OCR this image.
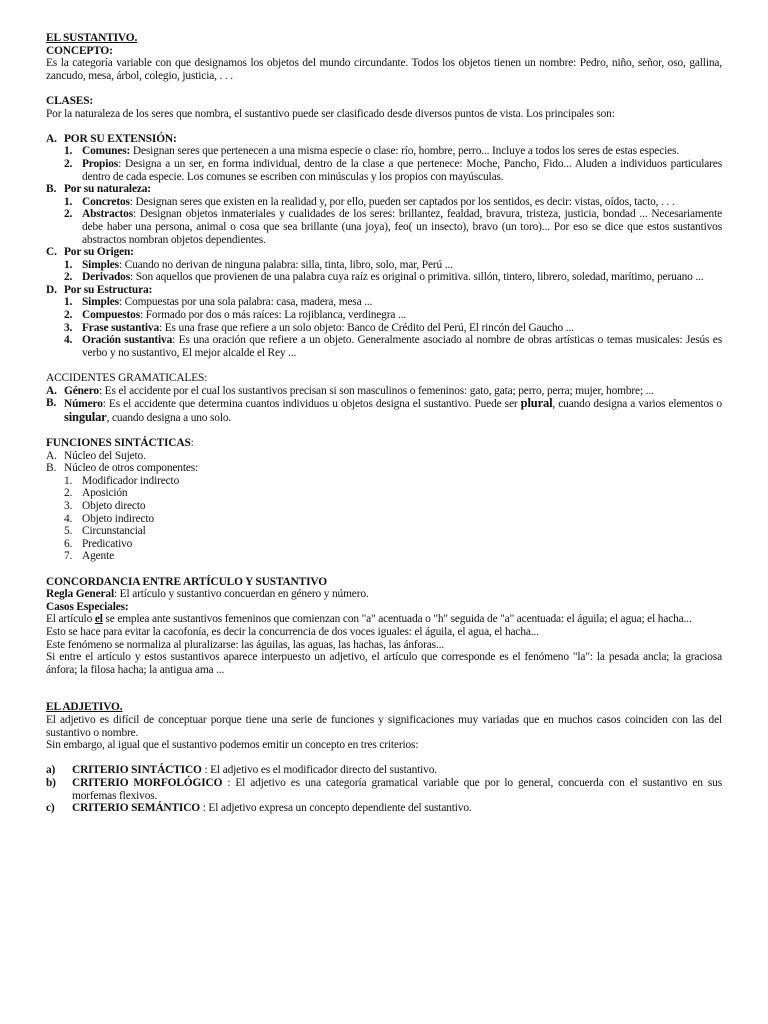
EL SUSTANTIVO.

CONCEPTO:

Es la categoría variable con que designamos los objetos del mundo circundante. Todos los objetos tienen un nombre: Pedro, niño, señor, oso, gallina, zancudo, mesa, árbol, colegio, justicia, . . .

CLASES:

Por la naturaleza de los seres que nombra, el sustantivo puede ser clasificado desde diversos puntos de vista. Los principales son:

A. POR SU EXTENSIÓN:
1. Comunes: Designan seres que pertenecen a una misma especie o clase: río, hombre, perro... Incluye a todos los seres de estas especies.
2. Propios: Designa a un ser, en forma individual, dentro de la clase a que pertenece: Moche, Pancho, Fido... Aluden a individuos particulares dentro de cada especie. Los comunes se escriben con minúsculas y los propios con mayúsculas.
B. Por su naturaleza:
1. Concretos: Designan seres que existen en la realidad y, por ello, pueden ser captados por los sentidos, es decir: vistas, oídos, tacto, . . .
2. Abstractos: Designan objetos inmateriales y cualidades de los seres: brillantez, fealdad, bravura, tristeza, justicia, bondad ... Necesariamente debe haber una persona, animal o cosa que sea brillante (una joya), feo( un insecto), bravo (un toro)... Por eso se dice que estos sustantivos abstractos nombran objetos dependientes.
C. Por su Origen:
1. Simples: Cuando no derivan de ninguna palabra: silla, tinta, libro, solo, mar, Perú ...
2. Derivados: Son aquellos que provienen de una palabra cuya raíz es original o primitiva. sillón, tintero, librero, soledad, marítimo, peruano ...
D. Por su Estructura:
1. Simples: Compuestas por una sola palabra: casa, madera, mesa ...
2. Compuestos: Formado por dos o más raíces: La rojiblanca, verdinegra ...
3. Frase sustantiva: Es una frase que refiere a un solo objeto: Banco de Crédito del Perú, El rincón del Gaucho ...
4. Oración sustantiva: Es una oración que refiere a un objeto. Generalmente asociado al nombre de obras artísticas o temas musicales: Jesús es verbo y no sustantivo, El mejor alcalde el Rey ...

ACCIDENTES GRAMATICALES:

A. Género: Es el accidente por el cual los sustantivos precisan si son masculinos o femeninos: gato, gata; perro, perra; mujer, hombre; ...
B. Número: Es el accidente que determina cuantos individuos u objetos designa el sustantivo. Puede ser plural, cuando designa a varios elementos o singular, cuando designa a uno solo.

FUNCIONES SINTÁCTICAS:

A. Núcleo del Sujeto.
B. Núcleo de otros componentes:
1. Modificador indirecto
2. Aposición
3. Objeto directo
4. Objeto indirecto
5. Circunstancial
6. Predicativo
7. Agente

CONCORDANCIA ENTRE ARTÍCULO Y SUSTANTIVO

Regla General: El artículo y sustantivo concuerdan en género y número.

Casos Especiales:

El artículo el se emplea ante sustantivos femeninos que comienzan con "a" acentuada o "h" seguida de "a" acentuada: el águila; el agua; el hacha...

Esto se hace para evitar la cacofonía, es decir la concurrencia de dos voces iguales: el águila, el agua, el hacha...

Este fenómeno se normaliza al pluralizarse: las águilas, las aguas, las hachas, las ánforas...

Si entre el artículo y estos sustantivos aparece interpuesto un adjetivo, el artículo que corresponde es el fenómeno "la": la pesada ancla; la graciosa ánfora; la filosa hacha; la antigua ama ...

EL ADJETIVO.

El adjetivo es difícil de conceptuar porque tiene una serie de funciones y significaciones muy variadas que en muchos casos coinciden con las del sustantivo o nombre.

Sin embargo, al igual que el sustantivo podemos emitir un concepto en tres criterios:

a) CRITERIO SINTÁCTICO : El adjetivo es el modificador directo del sustantivo.
b) CRITERIO MORFOLÓGICO : El adjetivo es una categoría gramatical variable que por lo general, concuerda con el sustantivo en sus morfemas flexivos.
c) CRITERIO SEMÁNTICO : El adjetivo expresa un concepto dependiente del sustantivo.
